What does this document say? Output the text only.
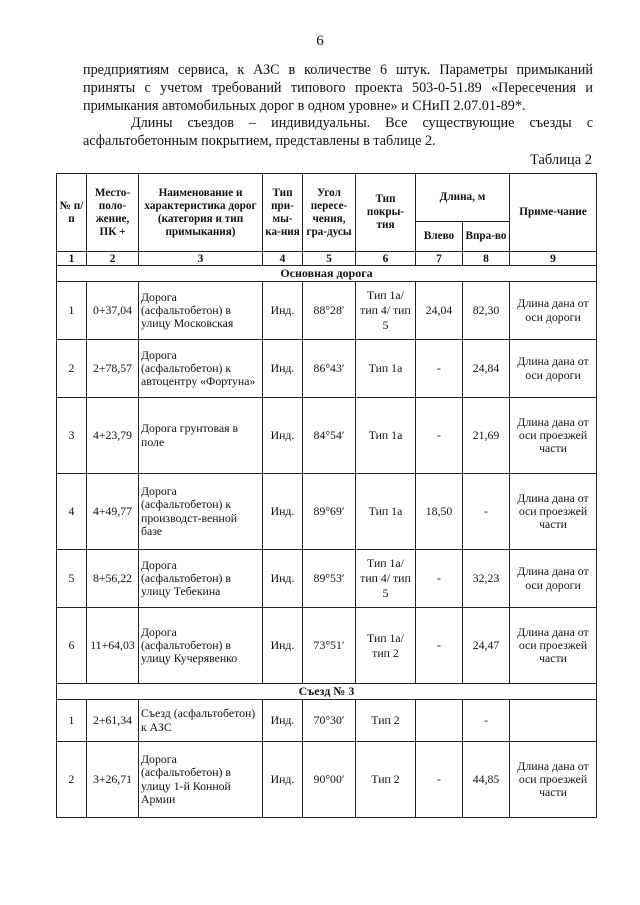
6
предприятиям сервиса, к АЗС в количестве 6 штук. Параметры примыканий приняты с учетом требований типового проекта 503-0-51.89 «Пересечения и примыкания автомобильных дорог в одном уровне» и СНиП 2.07.01-89*.
Длины съездов – индивидуальны. Все существующие съезды с асфальтобетонным покрытием, представлены в таблице 2.
Таблица 2
№ п/п	Место-поло-жение, ПК +	Наименование и характеристика дорог (категория и тип примыкания)	Тип при-мы-ка-ния	Угол пересе-чения, гра-дусы	Тип покры-тия	Длина, м		Приме-чание
						Влево	Впра-во	
1	2	3	4	5	6	7	8	9
Основная дорога								
1	0+37,04	Дорога (асфальтобетон) в улицу Московская	Инд.	88°28′	Тип 1а/ тип 4/ тип 5	24,04	82,30	Длина дана от оси дороги
2	2+78,57	Дорога (асфальтобетон) к автоцентру «Фортуна»	Инд.	86°43′	Тип 1а	-	24,84	Длина дана от оси дороги
3	4+23,79	Дорога грунтовая в поле	Инд.	84°54′	Тип 1а	-	21,69	Длина дана от оси проезжей части
4	4+49,77	Дорога (асфальтобетон) к производст-венной базе	Инд.	89°69′	Тип 1а	18,50	-	Длина дана от оси проезжей части
5	8+56,22	Дорога (асфальтобетон) в улицу Тебекина	Инд.	89°53′	Тип 1а/ тип 4/ тип 5	-	32,23	Длина дана от оси дороги
6	11+64,03	Дорога (асфальтобетон) в улицу Кучерявенко	Инд.	73°51′	Тип 1а/ тип 2	-	24,47	Длина дана от оси проезжей части
Съезд № 3								
1	2+61,34	Съезд (асфальтобетон) к АЗС	Инд.	70°30′	Тип 2		-	
2	3+26,71	Дорога (асфальтобетон) в улицу 1-й Конной Армии	Инд.	90°00′	Тип 2	-	44,85	Длина дана от оси проезжей части
